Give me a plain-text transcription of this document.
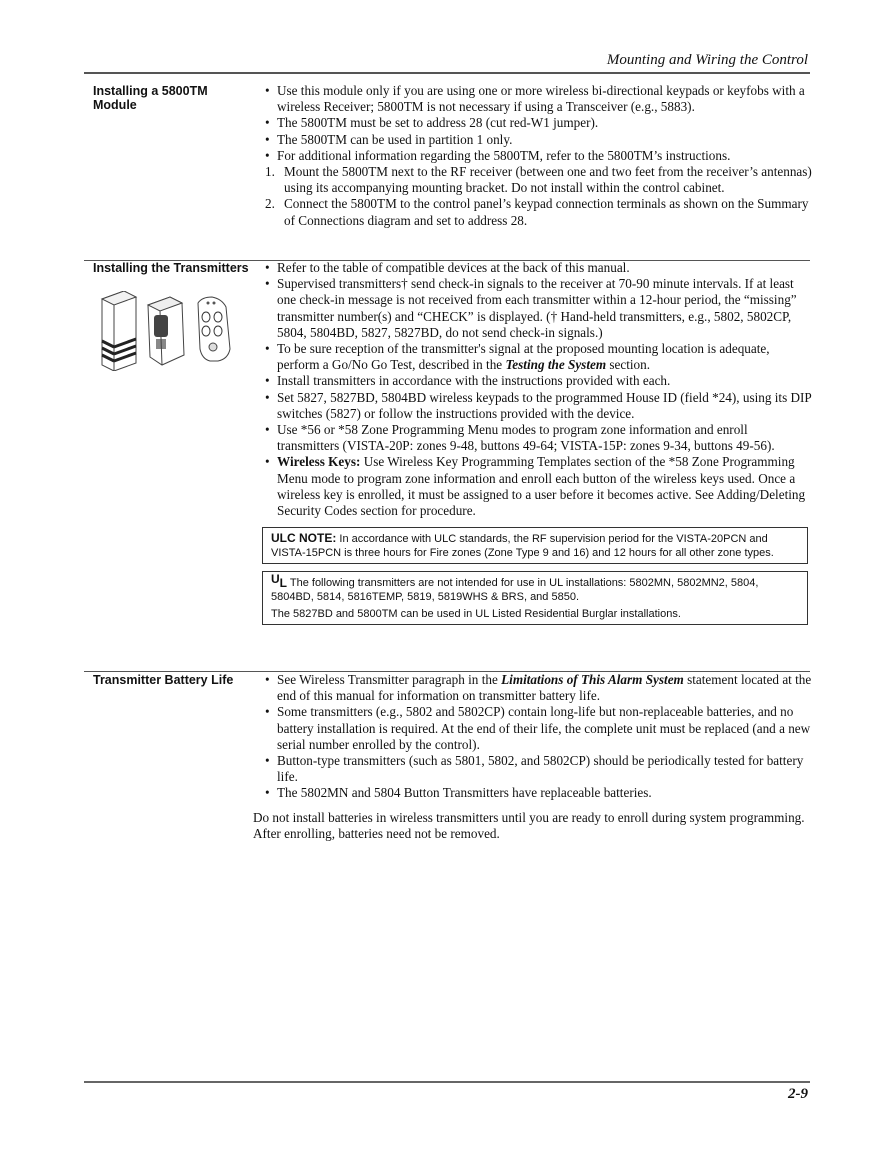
Mounting and Wiring the Control
Installing a 5800TM Module
• Use this module only if you are using one or more wireless bi-directional keypads or keyfobs with a wireless Receiver; 5800TM is not necessary if using a Transceiver (e.g., 5883).
• The 5800TM must be set to address 28 (cut red-W1 jumper).
• The 5800TM can be used in partition 1 only.
• For additional information regarding the 5800TM, refer to the 5800TM’s instructions.
1. Mount the 5800TM next to the RF receiver (between one and two feet from the receiver’s antennas) using its accompanying mounting bracket. Do not install within the control cabinet.
2. Connect the 5800TM to the control panel’s keypad connection terminals as shown on the Summary of Connections diagram and set to address 28.
Installing the Transmitters	• Refer to the table of compatible devices at the back of this manual.
• Supervised transmitters† send check-in signals to the receiver at 70-90 minute intervals. If at least one check-in message is not received from each transmitter within a 12-hour period, the “missing” transmitter number(s) and “CHECK” is displayed. († Hand-held transmitters, e.g., 5802, 5802CP, 5804, 5804BD, 5827, 5827BD, do not send check-in signals.)
• To be sure reception of the transmitter's signal at the proposed mounting location is adequate, perform a Go/No Go Test, described in the Testing the System section.
• Install transmitters in accordance with the instructions provided with each.
• Set 5827, 5827BD, 5804BD wireless keypads to the programmed House ID (field *24), using its DIP switches (5827) or follow the instructions provided with the device.
• Use *56 or *58 Zone Programming Menu modes to program zone information and enroll transmitters (VISTA-20P: zones 9-48, buttons 49-64; VISTA-15P: zones 9-34, buttons 49-56).
• Wireless Keys: Use Wireless Key Programming Templates section of the *58 Zone Programming Menu mode to program zone information and enroll each button of the wireless keys used. Once a wireless key is enrolled, it must be assigned to a user before it becomes active. See Adding/Deleting Security Codes section for procedure.
ULC NOTE: In accordance with ULC standards, the RF supervision period for the VISTA-20PCN and VISTA-15PCN is three hours for Fire zones (Zone Type 9 and 16) and 12 hours for all other zone types.
UL The following transmitters are not intended for use in UL installations: 5802MN, 5802MN2, 5804, 5804BD, 5814, 5816TEMP, 5819, 5819WHS & BRS, and 5850.
The 5827BD and 5800TM can be used in UL Listed Residential Burglar installations.
Transmitter Battery Life	• See Wireless Transmitter paragraph in the Limitations of This Alarm System statement located at the end of this manual for information on transmitter battery life.
• Some transmitters (e.g., 5802 and 5802CP) contain long-life but non-replaceable batteries, and no battery installation is required. At the end of their life, the complete unit must be replaced (and a new serial number enrolled by the control).
• Button-type transmitters (such as 5801, 5802, and 5802CP) should be periodically tested for battery life.
• The 5802MN and 5804 Button Transmitters have replaceable batteries.

Do not install batteries in wireless transmitters until you are ready to enroll during system programming. After enrolling, batteries need not be removed.

2-9
